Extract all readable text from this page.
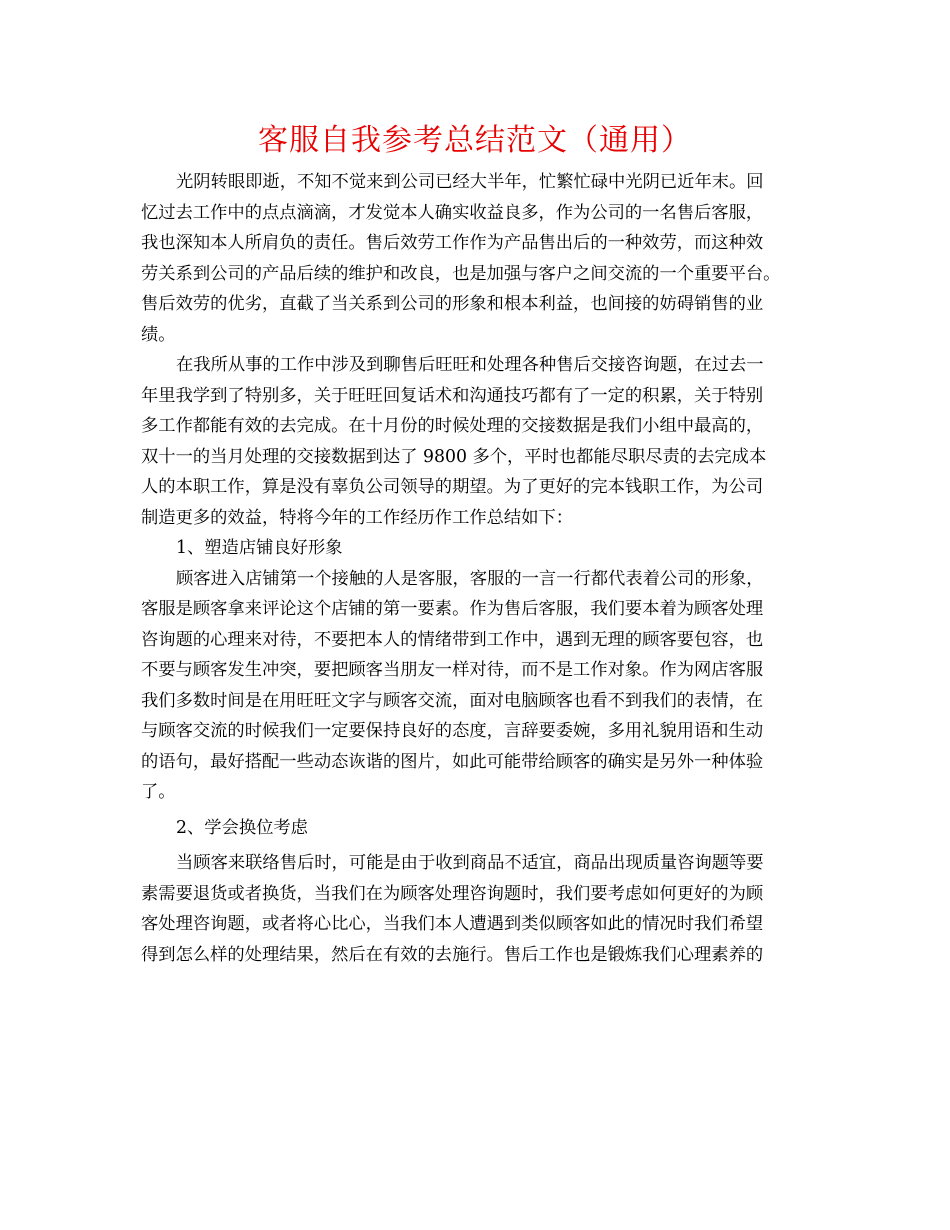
客服自我参考总结范文（通用）
光阴转眼即逝，不知不觉来到公司已经大半年，忙繁忙碌中光阴已近年末。回
忆过去工作中的点点滴滴，才发觉本人确实收益良多，作为公司的一名售后客服，
我也深知本人所肩负的责任。售后效劳工作作为产品售出后的一种效劳，而这种效
劳关系到公司的产品后续的维护和改良，也是加强与客户之间交流的一个重要平台。
售后效劳的优劣，直截了当关系到公司的形象和根本利益，也间接的妨碍销售的业
绩。
在我所从事的工作中涉及到聊售后旺旺和处理各种售后交接咨询题，在过去一
年里我学到了特别多，关于旺旺回复话术和沟通技巧都有了一定的积累，关于特别
多工作都能有效的去完成。在十月份的时候处理的交接数据是我们小组中最高的，
双十一的当月处理的交接数据到达了 9800 多个，平时也都能尽职尽责的去完成本
人的本职工作，算是没有辜负公司领导的期望。为了更好的完本钱职工作，为公司
制造更多的效益，特将今年的工作经历作工作总结如下：
1、塑造店铺良好形象
顾客进入店铺第一个接触的人是客服，客服的一言一行都代表着公司的形象，
客服是顾客拿来评论这个店铺的第一要素。作为售后客服，我们要本着为顾客处理
咨询题的心理来对待，不要把本人的情绪带到工作中，遇到无理的顾客要包容，也
不要与顾客发生冲突，要把顾客当朋友一样对待，而不是工作对象。作为网店客服
我们多数时间是在用旺旺文字与顾客交流，面对电脑顾客也看不到我们的表情，在
与顾客交流的时候我们一定要保持良好的态度，言辞要委婉，多用礼貌用语和生动
的语句，最好搭配一些动态诙谐的图片，如此可能带给顾客的确实是另外一种体验
了。
2、学会换位考虑
当顾客来联络售后时，可能是由于收到商品不适宜，商品出现质量咨询题等要
素需要退货或者换货，当我们在为顾客处理咨询题时，我们要考虑如何更好的为顾
客处理咨询题，或者将心比心，当我们本人遭遇到类似顾客如此的情况时我们希望
得到怎么样的处理结果，然后在有效的去施行。售后工作也是锻炼我们心理素养的
